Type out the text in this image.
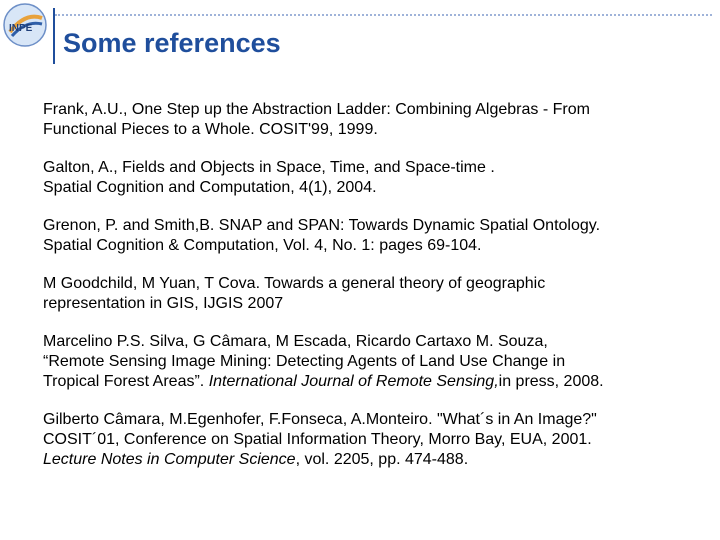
INPE Some references
Frank, A.U., One Step up the Abstraction Ladder: Combining Algebras - From
Functional Pieces to a Whole. COSIT'99, 1999.
Galton, A., Fields and Objects in Space, Time, and Space-time .
Spatial Cognition and Computation, 4(1), 2004.
Grenon, P. and Smith,B. SNAP and SPAN: Towards Dynamic Spatial Ontology.
Spatial Cognition & Computation, Vol. 4, No. 1: pages 69-104.
M Goodchild, M Yuan, T Cova. Towards a general theory of geographic
representation in GIS, IJGIS 2007
Marcelino P.S. Silva, G Câmara, M Escada, Ricardo Cartaxo M. Souza,
“Remote Sensing Image Mining: Detecting Agents of Land Use Change in
Tropical Forest Areas”. International Journal of Remote Sensing,in press, 2008.
Gilberto Câmara, M.Egenhofer, F.Fonseca, A.Monteiro. "What´s in An Image?"
COSIT´01, Conference on Spatial Information Theory, Morro Bay, EUA, 2001.
Lecture Notes in Computer Science, vol. 2205, pp. 474-488.
